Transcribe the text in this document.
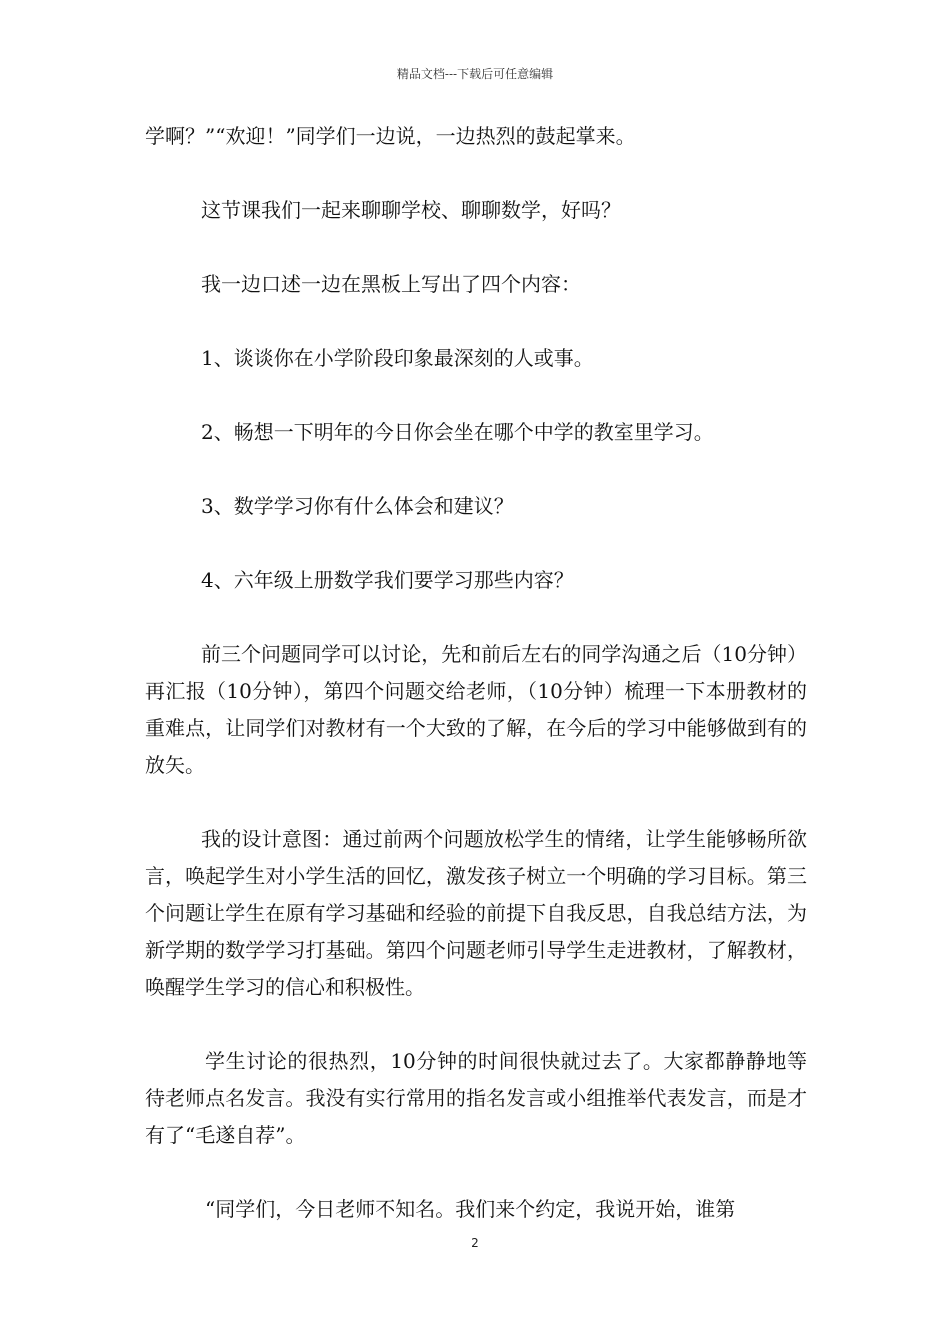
精品文档---下载后可任意编辑

学啊？”“欢迎！”同学们一边说，一边热烈的鼓起掌来。

这节课我们一起来聊聊学校、聊聊数学，好吗？

我一边口述一边在黑板上写出了四个内容：

1、谈谈你在小学阶段印象最深刻的人或事。

2、畅想一下明年的今日你会坐在哪个中学的教室里学习。

3、数学学习你有什么体会和建议？

4、六年级上册数学我们要学习那些内容？

前三个问题同学可以讨论，先和前后左右的同学沟通之后（10分钟）再汇报（10分钟），第四个问题交给老师，（10分钟）梳理一下本册教材的重难点，让同学们对教材有一个大致的了解，在今后的学习中能够做到有的放矢。

我的设计意图：通过前两个问题放松学生的情绪，让学生能够畅所欲言，唤起学生对小学生活的回忆，激发孩子树立一个明确的学习目标。第三个问题让学生在原有学习基础和经验的前提下自我反思，自我总结方法，为新学期的数学学习打基础。第四个问题老师引导学生走进教材，了解教材，唤醒学生学习的信心和积极性。

学生讨论的很热烈，10分钟的时间很快就过去了。大家都静静地等待老师点名发言。我没有实行常用的指名发言或小组推举代表发言，而是才有了“毛遂自荐”。

“同学们，今日老师不知名。我们来个约定，我说开始，谁第

2
